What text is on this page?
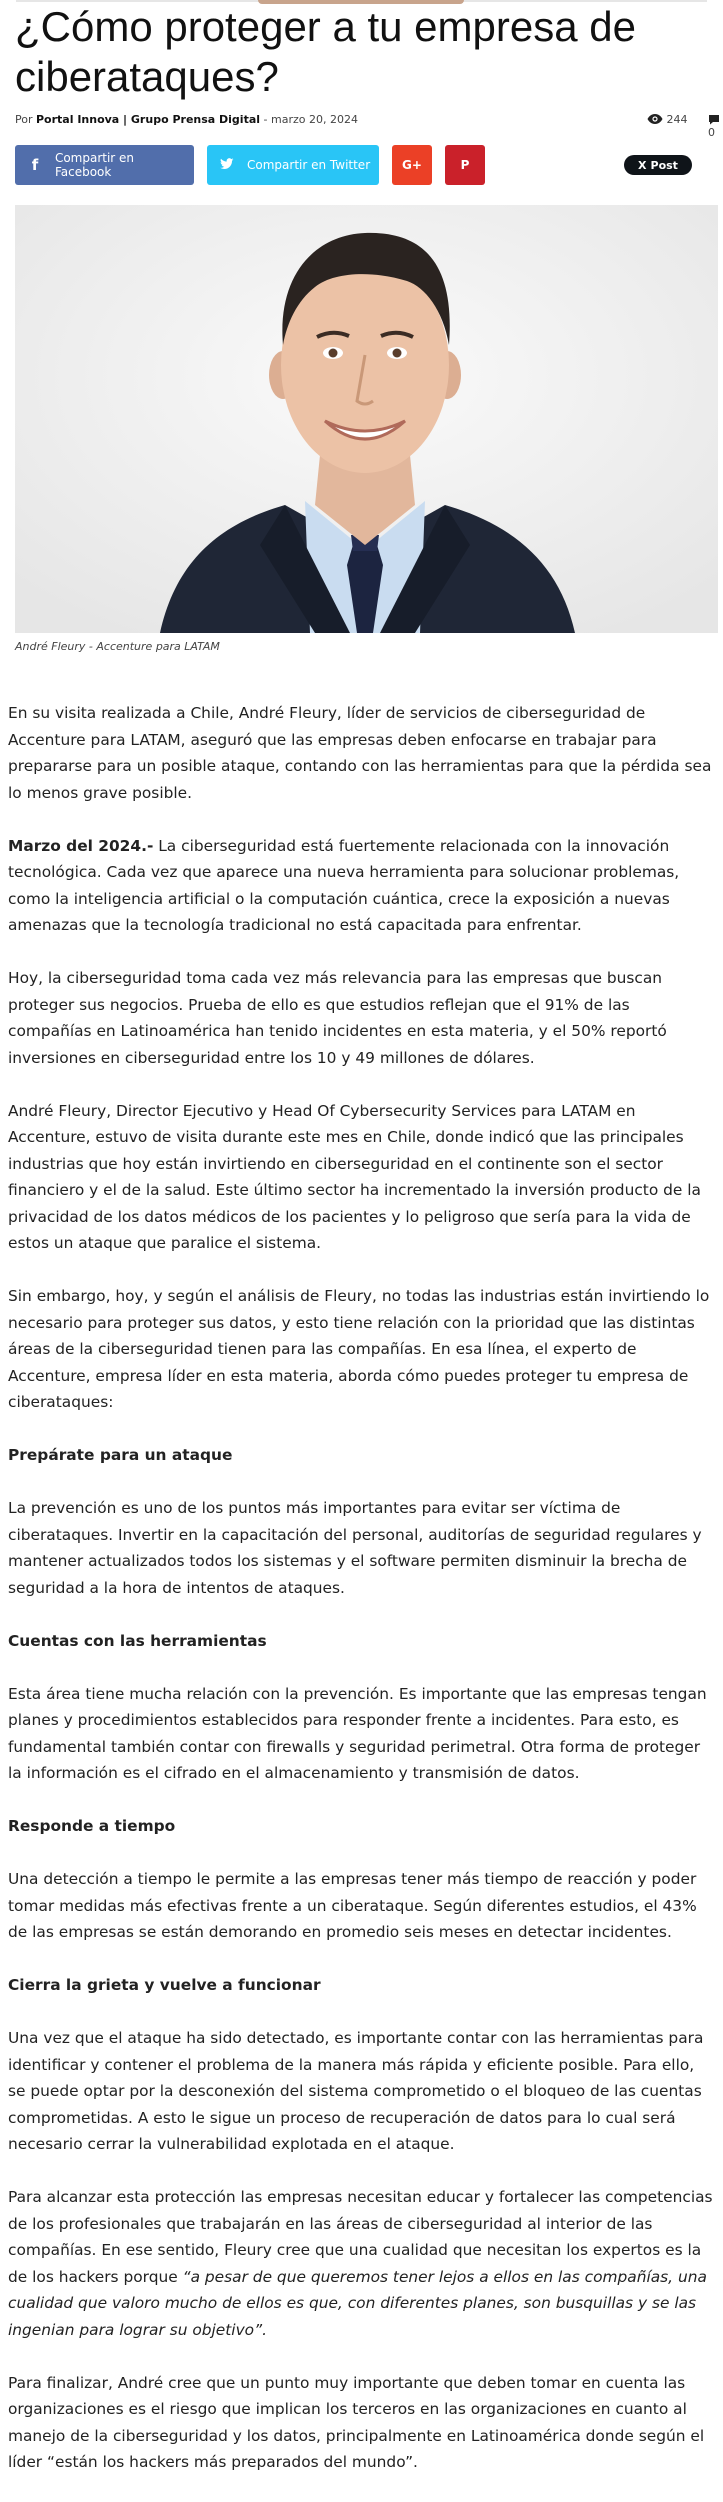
¿Cómo proteger a tu empresa de ciberataques?
Por Portal Innova | Grupo Prensa Digital - marzo 20, 2024	244
0
f	Compartir en Facebook	Compartir en Twitter	G+	P	X Post
André Fleury - Accenture para LATAM

En su visita realizada a Chile, André Fleury, líder de servicios de ciberseguridad de Accenture para LATAM, aseguró que las empresas deben enfocarse en trabajar para prepararse para un posible ataque, contando con las herramientas para que la pérdida sea lo menos grave posible.

Marzo del 2024.- La ciberseguridad está fuertemente relacionada con la innovación tecnológica. Cada vez que aparece una nueva herramienta para solucionar problemas, como la inteligencia artificial o la computación cuántica, crece la exposición a nuevas amenazas que la tecnología tradicional no está capacitada para enfrentar.

Hoy, la ciberseguridad toma cada vez más relevancia para las empresas que buscan proteger sus negocios. Prueba de ello es que estudios reflejan que el 91% de las compañías en Latinoamérica han tenido incidentes en esta materia, y el 50% reportó inversiones en ciberseguridad entre los 10 y 49 millones de dólares.

André Fleury, Director Ejecutivo y Head Of Cybersecurity Services para LATAM en Accenture, estuvo de visita durante este mes en Chile, donde indicó que las principales industrias que hoy están invirtiendo en ciberseguridad en el continente son el sector financiero y el de la salud. Este último sector ha incrementado la inversión producto de la privacidad de los datos médicos de los pacientes y lo peligroso que sería para la vida de estos un ataque que paralice el sistema.

Sin embargo, hoy, y según el análisis de Fleury, no todas las industrias están invirtiendo lo necesario para proteger sus datos, y esto tiene relación con la prioridad que las distintas áreas de la ciberseguridad tienen para las compañías. En esa línea, el experto de Accenture, empresa líder en esta materia, aborda cómo puedes proteger tu empresa de ciberataques:

Prepárate para un ataque

La prevención es uno de los puntos más importantes para evitar ser víctima de ciberataques. Invertir en la capacitación del personal, auditorías de seguridad regulares y mantener actualizados todos los sistemas y el software permiten disminuir la brecha de seguridad a la hora de intentos de ataques.

Cuentas con las herramientas

Esta área tiene mucha relación con la prevención. Es importante que las empresas tengan planes y procedimientos establecidos para responder frente a incidentes. Para esto, es fundamental también contar con firewalls y seguridad perimetral. Otra forma de proteger la información es el cifrado en el almacenamiento y transmisión de datos.

Responde a tiempo

Una detección a tiempo le permite a las empresas tener más tiempo de reacción y poder tomar medidas más efectivas frente a un ciberataque. Según diferentes estudios, el 43% de las empresas se están demorando en promedio seis meses en detectar incidentes.

Cierra la grieta y vuelve a funcionar

Una vez que el ataque ha sido detectado, es importante contar con las herramientas para identificar y contener el problema de la manera más rápida y eficiente posible. Para ello, se puede optar por la desconexión del sistema comprometido o el bloqueo de las cuentas comprometidas. A esto le sigue un proceso de recuperación de datos para lo cual será necesario cerrar la vulnerabilidad explotada en el ataque.

Para alcanzar esta protección las empresas necesitan educar y fortalecer las competencias de los profesionales que trabajarán en las áreas de ciberseguridad al interior de las compañías. En ese sentido, Fleury cree que una cualidad que necesitan los expertos es la de los hackers porque “a pesar de que queremos tener lejos a ellos en las compañías, una cualidad que valoro mucho de ellos es que, con diferentes planes, son busquillas y se las ingenian para lograr su objetivo”.

Para finalizar, André cree que un punto muy importante que deben tomar en cuenta las organizaciones es el riesgo que implican los terceros en las organizaciones en cuanto al manejo de la ciberseguridad y los datos, principalmente en Latinoamérica donde según el líder “están los hackers más preparados del mundo”.
